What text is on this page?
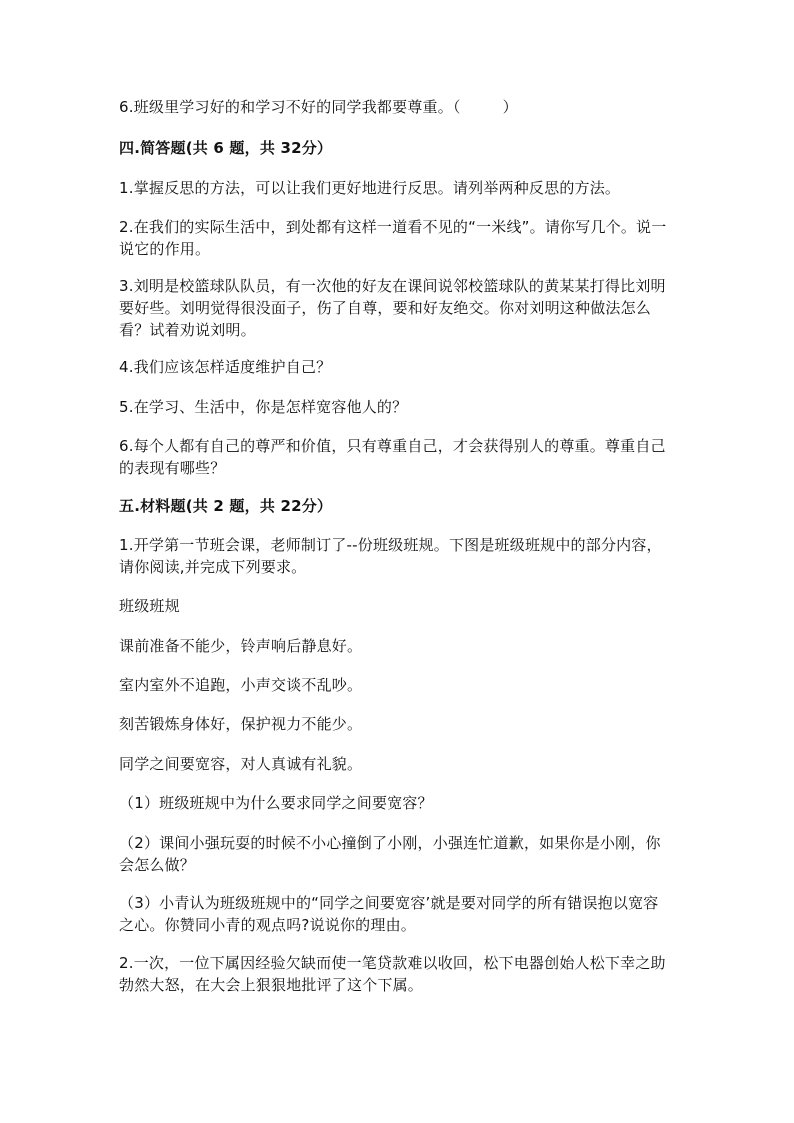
6.班级里学习好的和学习不好的同学我都要尊重。（	）
四.简答题(共 6 题，共 32分）
1.掌握反思的方法，可以让我们更好地进行反思。请列举两种反思的方法。
2.在我们的实际生活中，到处都有这样一道看不见的“一米线”。请你写几个。说一说它的作用。
3.刘明是校篮球队队员，有一次他的好友在课间说邻校篮球队的黄某某打得比刘明要好些。刘明觉得很没面子，伤了自尊，要和好友绝交。你对刘明这种做法怎么看？试着劝说刘明。
4.我们应该怎样适度维护自己？
5.在学习、生活中，你是怎样宽容他人的？
6.每个人都有自己的尊严和价值，只有尊重自己，才会获得别人的尊重。尊重自己的表现有哪些？
五.材料题(共 2 题，共 22分）
1.开学第一节班会课，老师制订了--份班级班规。下图是班级班规中的部分内容，请你阅读,并完成下列要求。
班级班规
课前准备不能少，铃声响后静息好。
室内室外不追跑，小声交谈不乱吵。
刻苦锻炼身体好，保护视力不能少。
同学之间要宽容，对人真诚有礼貌。
（1）班级班规中为什么要求同学之间要宽容？
（2）课间小强玩耍的时候不小心撞倒了小刚，小强连忙道歉，如果你是小刚，你会怎么做？
（3）小青认为班级班规中的“同学之间要宽容’就是要对同学的所有错误抱以宽容之心。你赞同小青的观点吗?说说你的理由。
2.一次，一位下属因经验欠缺而使一笔贷款难以收回，松下电器创始人松下幸之助勃然大怒，在大会上狠狠地批评了这个下属。
